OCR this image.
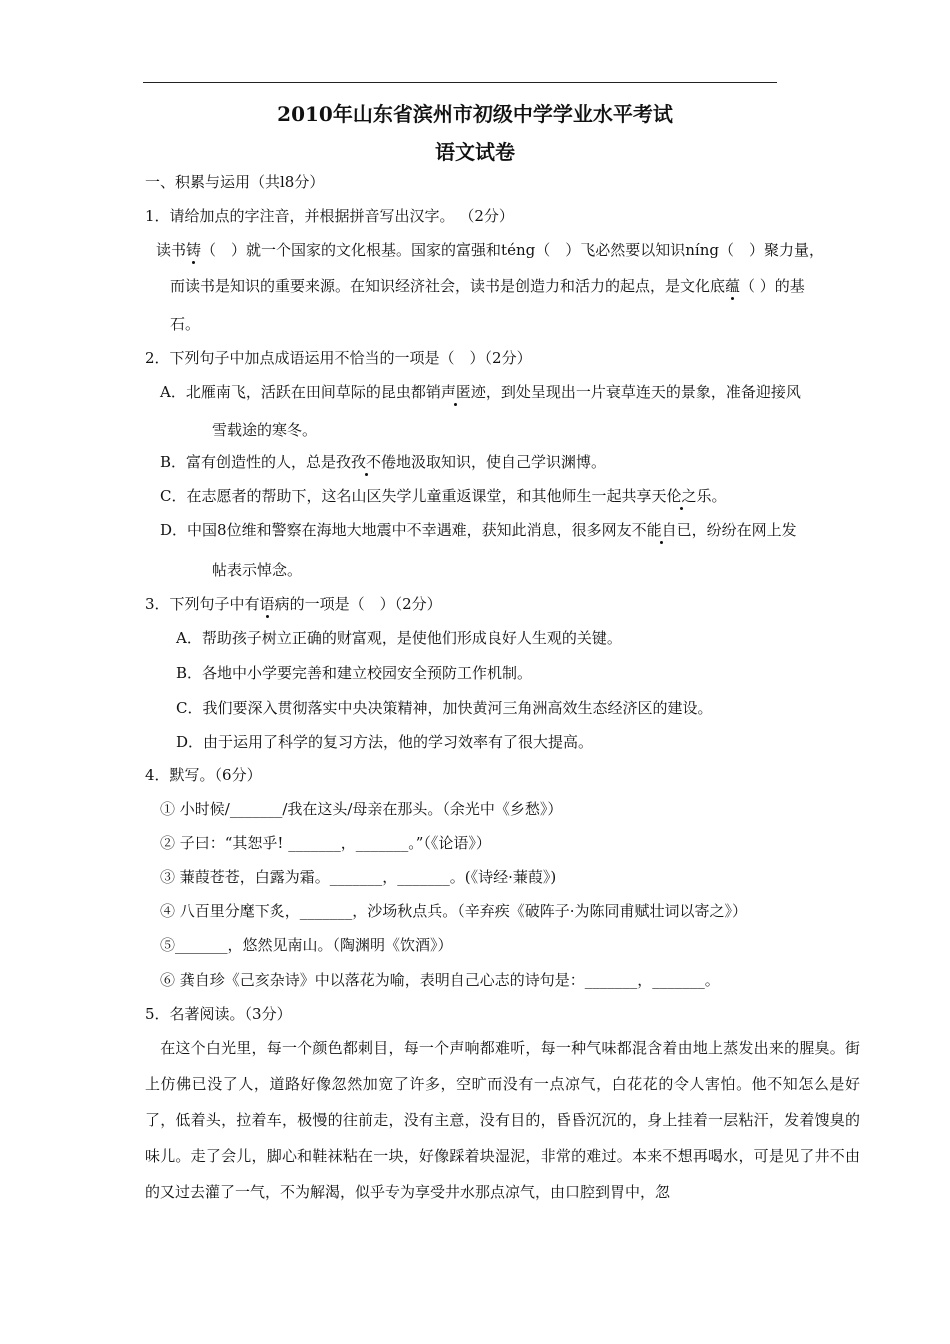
2010年山东省滨州市初级中学学业水平考试
语文试卷
一、积累与运用（共l8分）
1．请给加点的字注音，并根据拼音写出汉字。 （2分）
读书铸（　）就一个国家的文化根基。国家的富强和téng（　）飞必然要以知识níng（　）聚力量，
而读书是知识的重要来源。在知识经济社会，读书是创造力和活力的起点，是文化底蕴（ ）的基
石。
2．下列句子中加点成语运用不恰当的一项是（　）（2分）
A．北雁南飞，活跃在田间草际的昆虫都销声匿迹，到处呈现出一片衰草连天的景象，准备迎接风
雪载途的寒冬。
B．富有创造性的人，总是孜孜不倦地汲取知识，使自己学识渊博。
C．在志愿者的帮助下，这名山区失学儿童重返课堂，和其他师生一起共享天伦之乐。
D．中国8位维和警察在海地大地震中不幸遇难，获知此消息，很多网友不能自已，纷纷在网上发
帖表示悼念。
3．下列句子中有语病的一项是（　）（2分）
A．帮助孩子树立正确的财富观，是使他们形成良好人生观的关键。
B．各地中小学要完善和建立校园安全预防工作机制。
C．我们要深入贯彻落实中央决策精神，加快黄河三角洲高效生态经济区的建设。
D．由于运用了科学的复习方法，他的学习效率有了很大提高。
4．默写。（6分）
① 小时候/_______/我在这头/母亲在那头。（余光中《乡愁》）
② 子曰：“其恕乎! _______，_______。”（《论语》）
③ 蒹葭苍苍，白露为霜。_______，_______。(《诗经·蒹葭》)
④ 八百里分麾下炙，_______，沙场秋点兵。（辛弃疾《破阵子·为陈同甫赋壮词以寄之》）
⑤_______，悠然见南山。（陶渊明《饮酒》）
⑥ 龚自珍《己亥杂诗》中以落花为喻，表明自己心志的诗句是：_______，_______。
5．名著阅读。（3分）
　在这个白光里，每一个颜色都刺目，每一个声响都难听，每一种气味都混含着由地上蒸发出来的腥臭。街上仿佛已没了人，道路好像忽然加宽了许多，空旷而没有一点凉气，白花花的令人害怕。他不知怎么是好了，低着头，拉着车，极慢的往前走，没有主意，没有目的，昏昏沉沉的，身上挂着一层粘汗，发着馊臭的味儿。走了会儿，脚心和鞋袜粘在一块，好像踩着块湿泥，非常的难过。本来不想再喝水，可是见了井不由的又过去灌了一气，不为解渴，似乎专为享受井水那点凉气，由口腔到胃中，忽
